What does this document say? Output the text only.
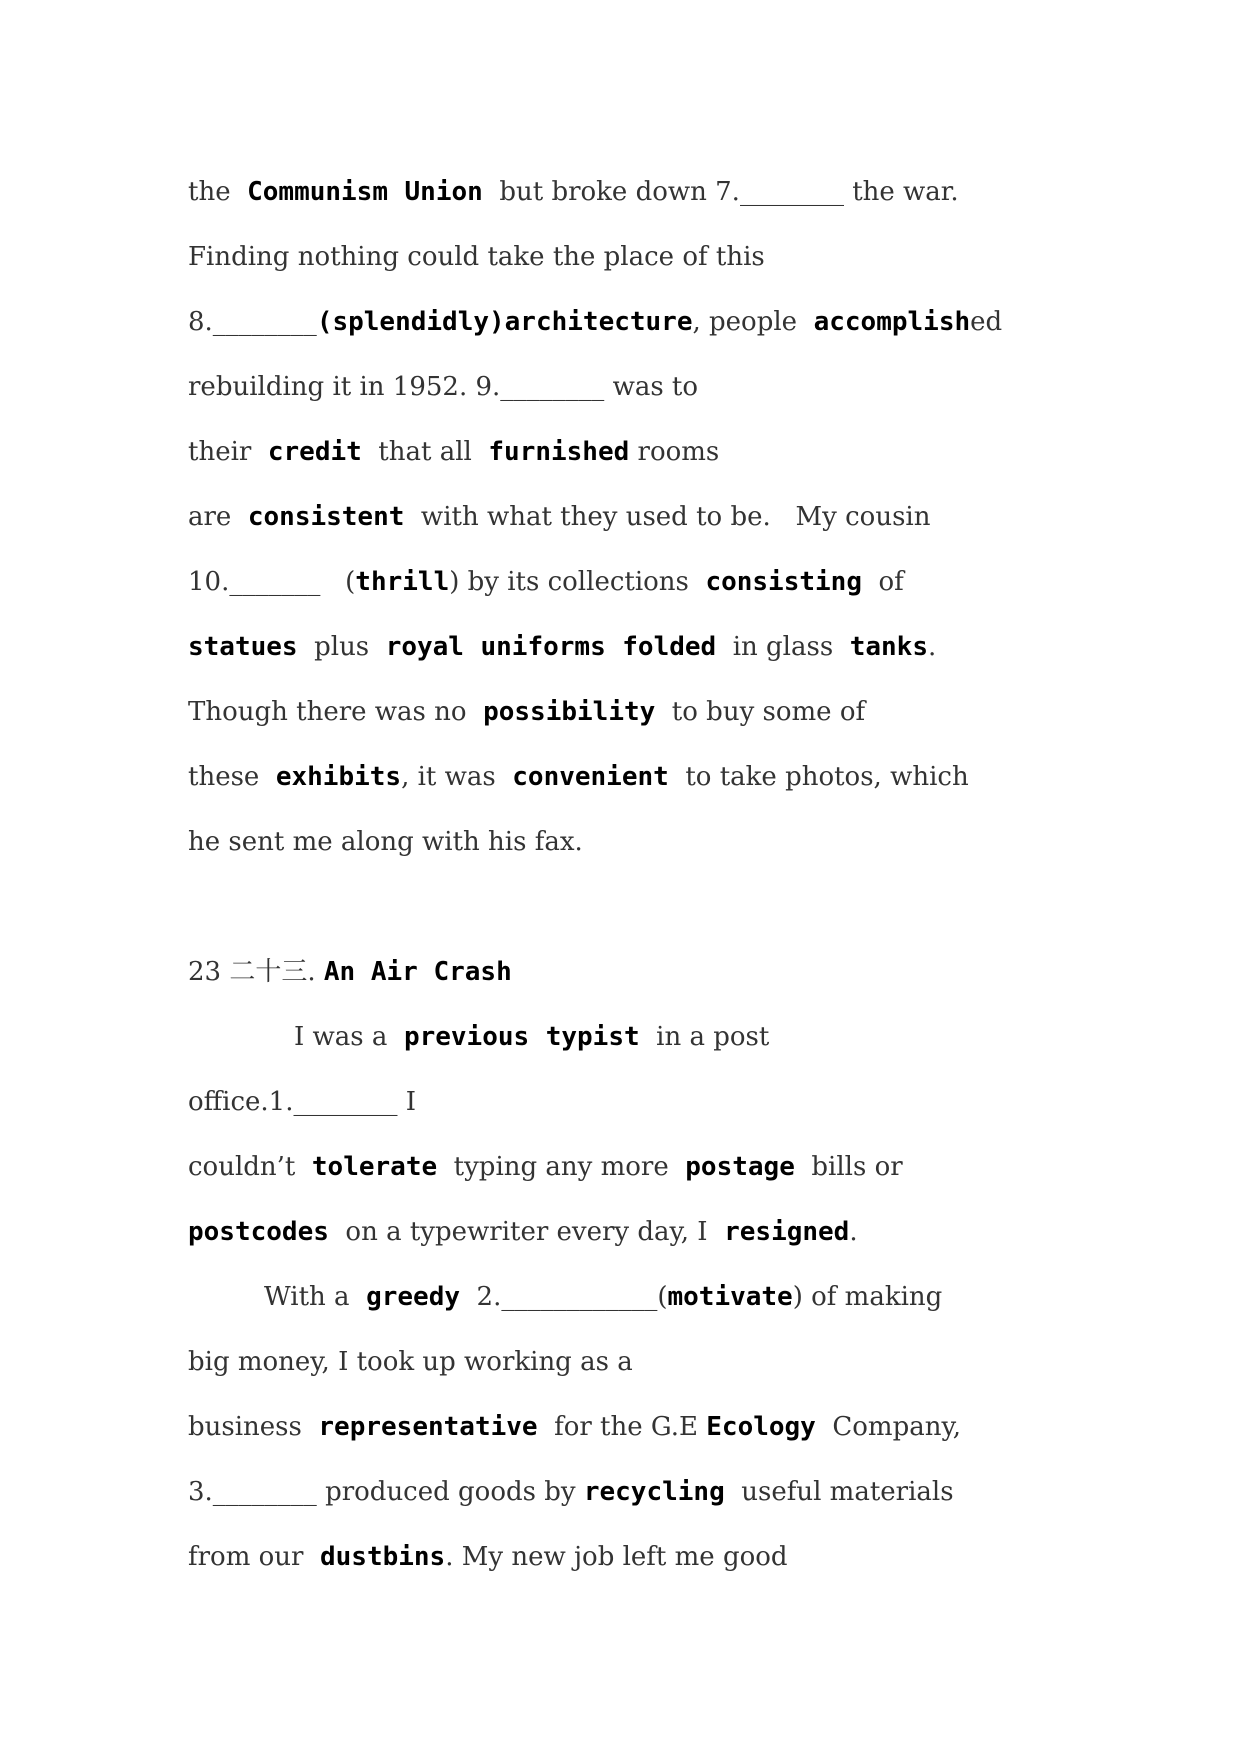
the  Communism Union  but broke down 7.________ the war.
Finding nothing could take the place of this
8.________(splendidly)architecture, people  accomplished
rebuilding it in 1952. 9.________ was to
their  credit  that all  furnished rooms
are  consistent  with what they used to be.   My cousin
10._______   (thrill) by its collections  consisting  of
statues  plus  royal uniforms folded  in glass  tanks.
Though there was no  possibility  to buy some of
these  exhibits, it was  convenient  to take photos, which
he sent me along with his fax.
23 二十三. An Air Crash
I was a  previous typist  in a post
office.1.________ I
couldn’t  tolerate  typing any more  postage  bills or
postcodes  on a typewriter every day, I  resigned.
With a  greedy  2.____________(motivate) of making
big money, I took up working as a
business  representative  for the G.E Ecology  Company,
3.________ produced goods by recycling  useful materials
from our  dustbins. My new job left me good
